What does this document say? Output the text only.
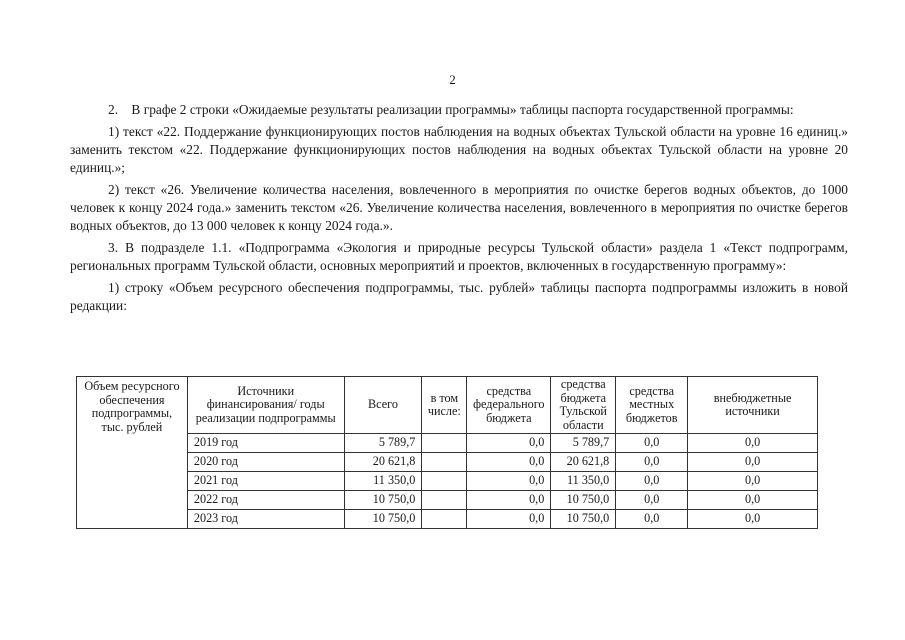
2

2.    В графе 2 строки «Ожидаемые результаты реализации программы» таблицы паспорта государственной программы:

1) текст «22. Поддержание функционирующих постов наблюдения на водных объектах Тульской области на уровне 16 единиц.» заменить текстом «22. Поддержание функционирующих постов наблюдения на водных объектах Тульской области на уровне 20 единиц.»;

2) текст «26. Увеличение количества населения, вовлеченного в мероприятия по очистке берегов водных объектов, до 1000 человек к концу 2024 года.» заменить текстом «26. Увеличение количества населения, вовлеченного в мероприятия по очистке берегов водных объектов, до 13 000 человек к концу 2024 года.».

3. В подразделе 1.1. «Подпрограмма «Экология и природные ресурсы Тульской области» раздела 1 «Текст подпрограмм, региональных программ Тульской области, основных мероприятий и проектов, включенных в государственную программу»:

1) строку «Объем ресурсного обеспечения подпрограммы, тыс. рублей» таблицы паспорта подпрограммы изложить в новой редакции:

Объем ресурсного обеспечения подпрограммы, тыс. рублей	Источники финансирования/ годы реализации подпрограммы	Всего	в том числе:	средства федерального бюджета	средства бюджета Тульской области	средства местных бюджетов	внебюджетные источники
	2019 год	5 789,7		0,0	5 789,7	0,0	0,0
	2020 год	20 621,8		0,0	20 621,8	0,0	0,0
	2021 год	11 350,0		0,0	11 350,0	0,0	0,0
	2022 год	10 750,0		0,0	10 750,0	0,0	0,0
	2023 год	10 750,0		0,0	10 750,0	0,0	0,0
